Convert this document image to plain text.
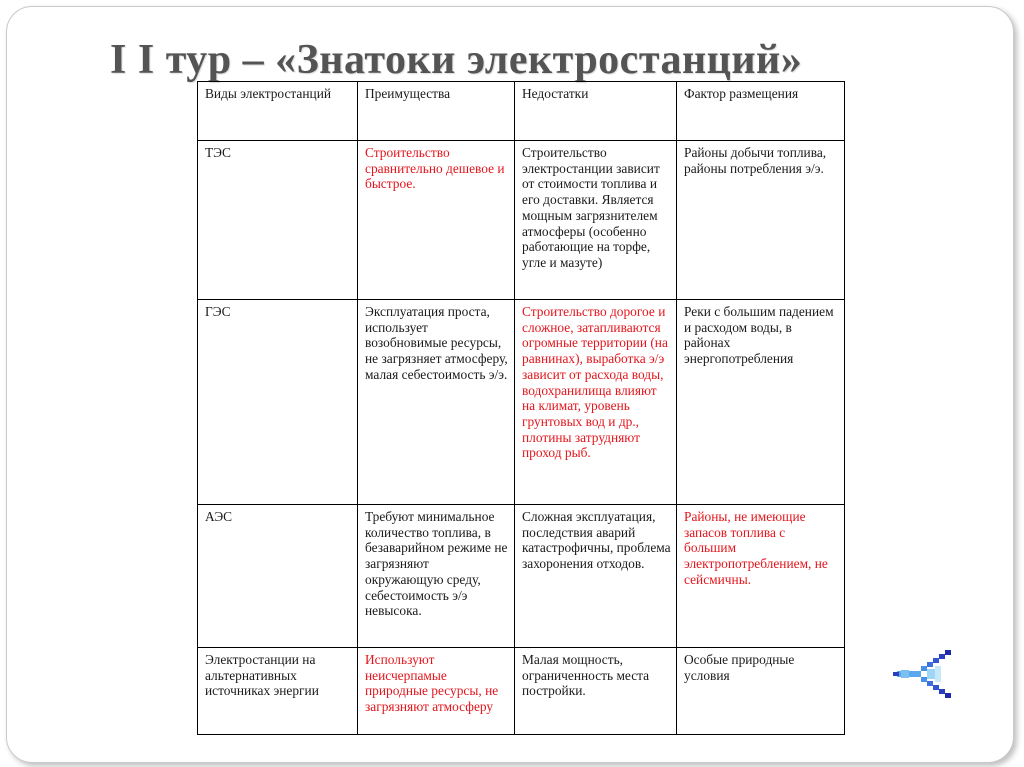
I I тур – «Знатоки электростанций»
Виды электростанций	Преимущества	Недостатки	Фактор размещения
ТЭС	Строительство сравнительно дешевое и быстрое.	Строительство электростанции зависит от стоимости топлива и его доставки. Является мощным загрязнителем атмосферы (особенно работающие на торфе, угле и мазуте)	Районы добычи топлива, районы потребления э/э.
ГЭС	Эксплуатация проста, использует возобновимые ресурсы, не загрязняет атмосферу, малая себестоимость э/э.	Строительство дорогое и сложное, затапливаются огромные территории (на равнинах), выработка э/э зависит от расхода воды, водохранилища влияют на климат, уровень грунтовых вод и др., плотины затрудняют проход рыб.	Реки с большим падением и расходом воды, в районах энергопотребления
АЭС	Требуют минимальное количество топлива, в безаварийном режиме не загрязняют окружающую среду, себестоимость э/э невысока.	Сложная эксплуатация, последствия аварий катастрофичны, проблема захоронения отходов.	Районы, не имеющие запасов топлива с большим электропотреблением, не сейсмичны.
Электростанции на альтернативных источниках энергии	Используют неисчерпамые природные ресурсы, не загрязняют атмосферу	Малая мощность, ограниченность места постройки.	Особые природные условия
